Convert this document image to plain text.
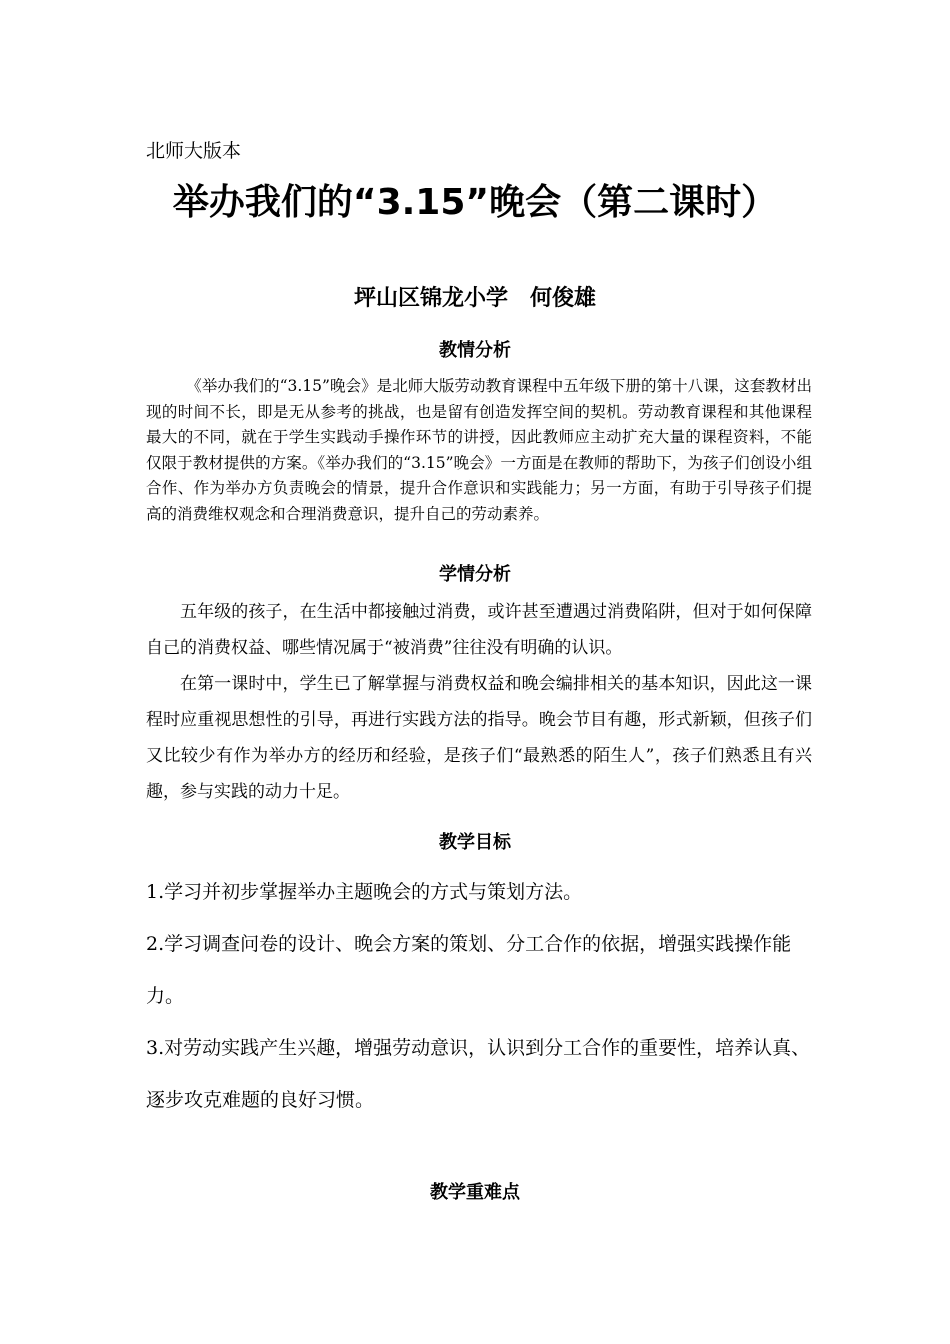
北师大版本
举办我们的“3.15”晚会（第二课时）
坪山区锦龙小学　何俊雄
教情分析

《举办我们的“3.15”晚会》是北师大版劳动教育课程中五年级下册的第十八课，这套教材出现的时间不长，即是无从参考的挑战，也是留有创造发挥空间的契机。劳动教育课程和其他课程最大的不同，就在于学生实践动手操作环节的讲授，因此教师应主动扩充大量的课程资料，不能仅限于教材提供的方案。《举办我们的“3.15”晚会》一方面是在教师的帮助下，为孩子们创设小组合作、作为举办方负责晚会的情景，提升合作意识和实践能力；另一方面，有助于引导孩子们提高的消费维权观念和合理消费意识，提升自己的劳动素养。

学情分析

五年级的孩子，在生活中都接触过消费，或许甚至遭遇过消费陷阱，但对于如何保障自己的消费权益、哪些情况属于“被消费”往往没有明确的认识。

在第一课时中，学生已了解掌握与消费权益和晚会编排相关的基本知识，因此这一课程时应重视思想性的引导，再进行实践方法的指导。晚会节目有趣，形式新颖，但孩子们又比较少有作为举办方的经历和经验，是孩子们“最熟悉的陌生人”，孩子们熟悉且有兴趣，参与实践的动力十足。

教学目标

1.学习并初步掌握举办主题晚会的方式与策划方法。

2.学习调查问卷的设计、晚会方案的策划、分工合作的依据，增强实践操作能力。

3.对劳动实践产生兴趣，增强劳动意识，认识到分工合作的重要性，培养认真、逐步攻克难题的良好习惯。

教学重难点
